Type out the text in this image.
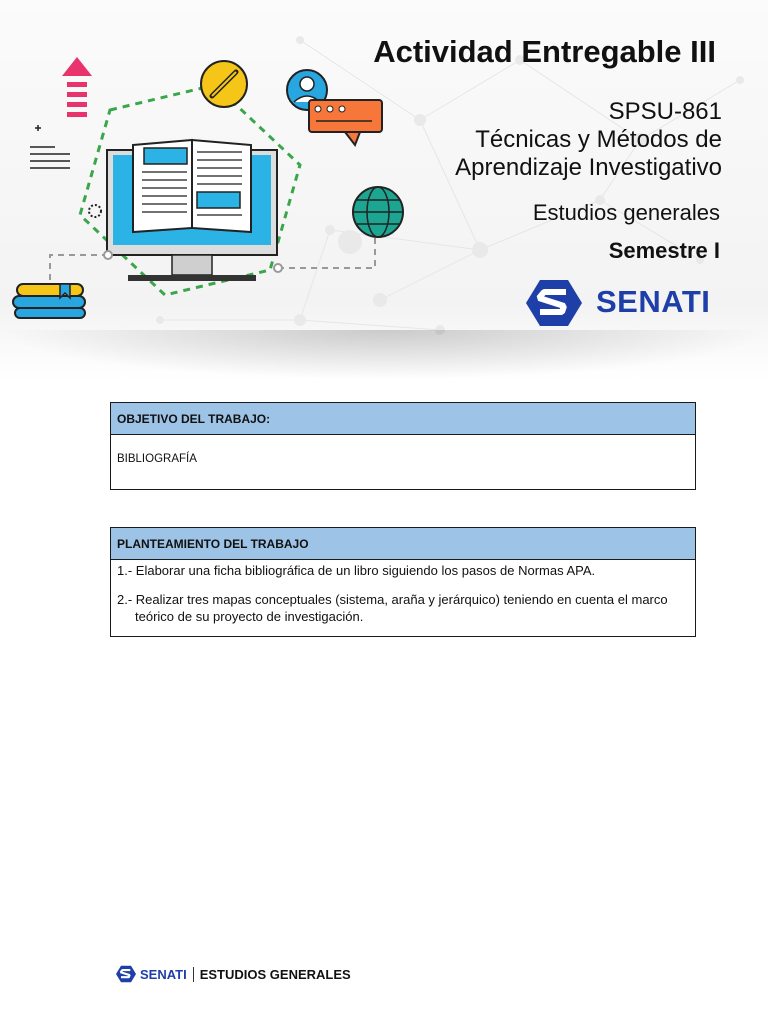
Actividad Entregable III

SPSU-861

Técnicas y Métodos de

Aprendizaje Investigativo

Estudios generales
Semestre I
SENATI
OBJETIVO DEL TRABAJO:
BIBLIOGRAFÍA
PLANTEAMIENTO DEL TRABAJO
1.- Elaborar una ficha bibliográfica de un libro siguiendo los pasos de Normas APA.
2.- Realizar tres mapas conceptuales (sistema, araña y jerárquico) teniendo en cuenta el marco teórico de su proyecto de investigación.
SENATI ESTUDIOS GENERALES
